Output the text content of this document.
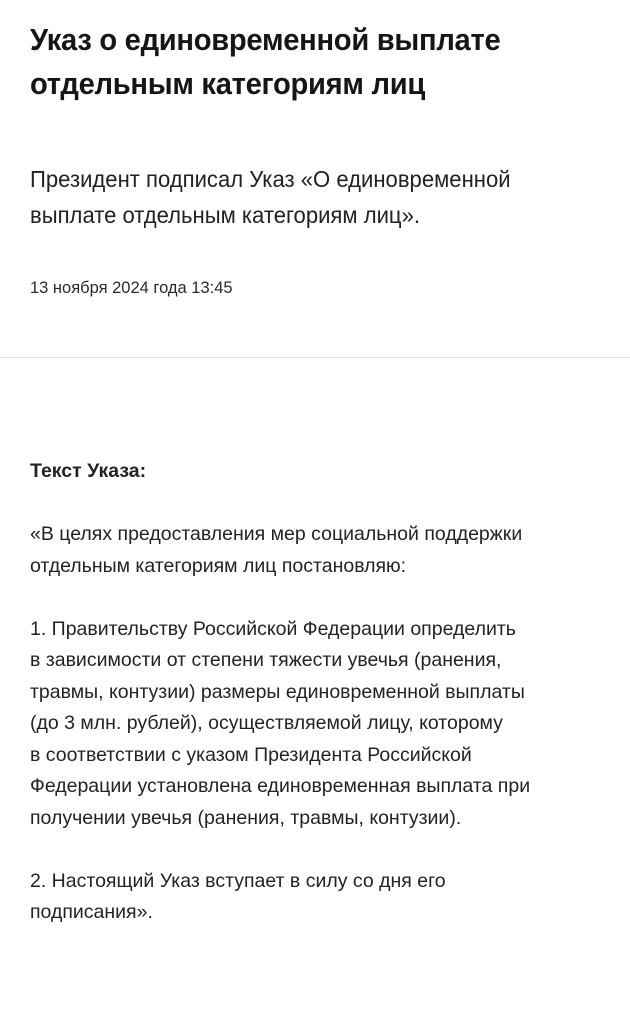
Указ о единовременной выплате
отдельным категориям лиц

Президент подписал Указ «О единовременной
выплате отдельным категориям лиц».

13 ноября 2024 года 13:45

Текст Указа:

«В целях предоставления мер социальной поддержки
отдельным категориям лиц постановляю:

1. Правительству Российской Федерации определить
в зависимости от степени тяжести увечья (ранения,
травмы, контузии) размеры единовременной выплаты
(до 3 млн. рублей), осуществляемой лицу, которому
в соответствии с указом Президента Российской
Федерации установлена единовременная выплата при
получении увечья (ранения, травмы, контузии).

2. Настоящий Указ вступает в силу со дня его
подписания».
